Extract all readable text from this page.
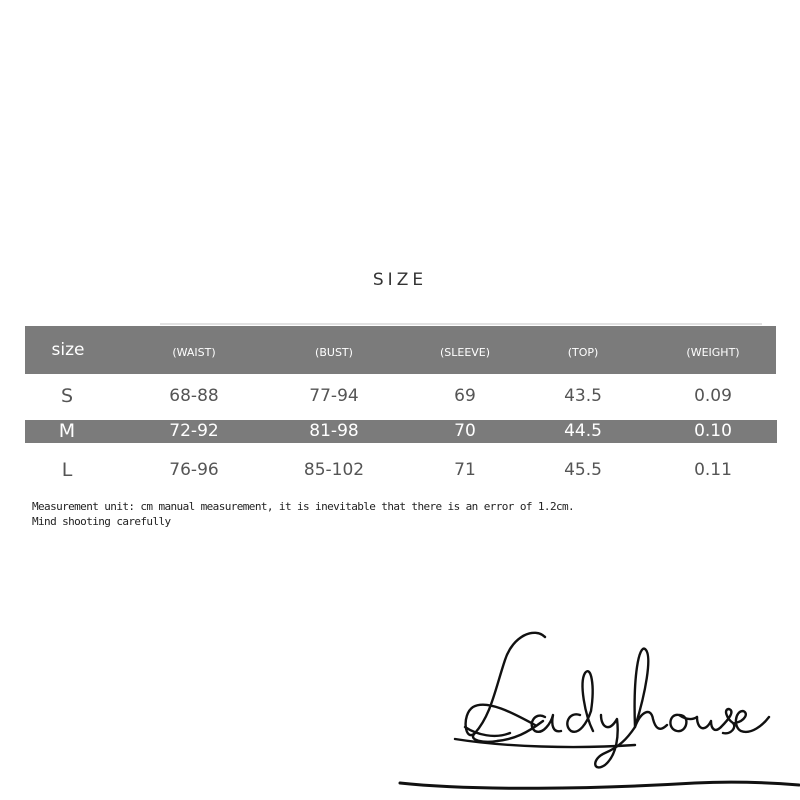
SIZE
size	(WAIST)	(BUST)	(SLEEVE)	(TOP)	(WEIGHT)
S	68-88	77-94	69	43.5	0.09
M	72-92	81-98	70	44.5	0.10
L	76-96	85-102	71	45.5	0.11
Measurement unit: cm manual measurement, it is inevitable that there is an error of 1.2cm.
Mind shooting carefully
